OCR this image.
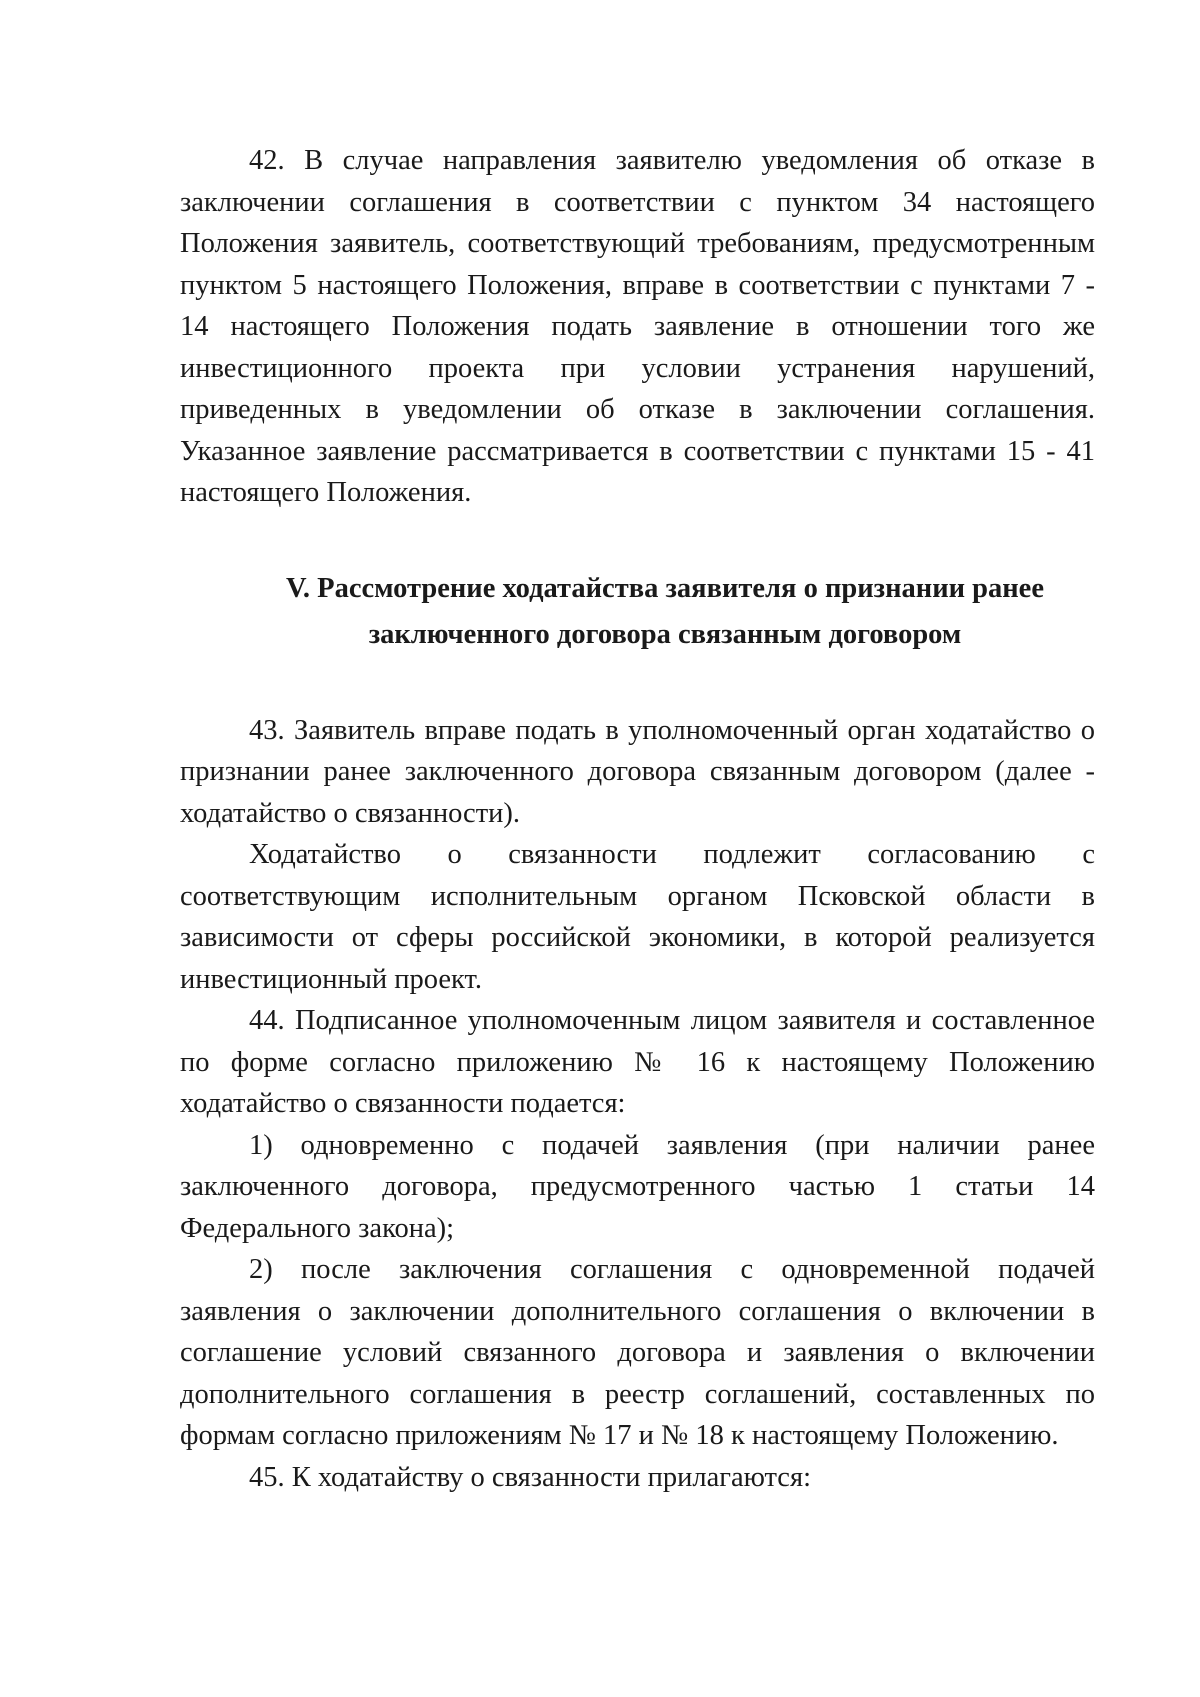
42. В случае направления заявителю уведомления об отказе в заключении соглашения в соответствии с пунктом 34 настоящего Положения заявитель, соответствующий требованиям, предусмотренным пунктом 5 настоящего Положения, вправе в соответствии с пунктами 7 - 14 настоящего Положения подать заявление в отношении того же инвестиционного проекта при условии устранения нарушений, приведенных в уведомлении об отказе в заключении соглашения. Указанное заявление рассматривается в соответствии с пунктами 15 - 41 настоящего Положения.

V. Рассмотрение ходатайства заявителя о признании ранее
заключенного договора связанным договором

43. Заявитель вправе подать в уполномоченный орган ходатайство о признании ранее заключенного договора связанным договором (далее - ходатайство о связанности).

Ходатайство о связанности подлежит согласованию с соответствующим исполнительным органом Псковской области в зависимости от сферы российской экономики, в которой реализуется инвестиционный проект.

44. Подписанное уполномоченным лицом заявителя и составленное по форме согласно приложению № 16 к настоящему Положению ходатайство о связанности подается:

1) одновременно с подачей заявления (при наличии ранее заключенного договора, предусмотренного частью 1 статьи 14 Федерального закона);

2) после заключения соглашения с одновременной подачей заявления о заключении дополнительного соглашения о включении в соглашение условий связанного договора и заявления о включении дополнительного соглашения в реестр соглашений, составленных по формам согласно приложениям № 17 и № 18 к настоящему Положению.

45. К ходатайству о связанности прилагаются:
